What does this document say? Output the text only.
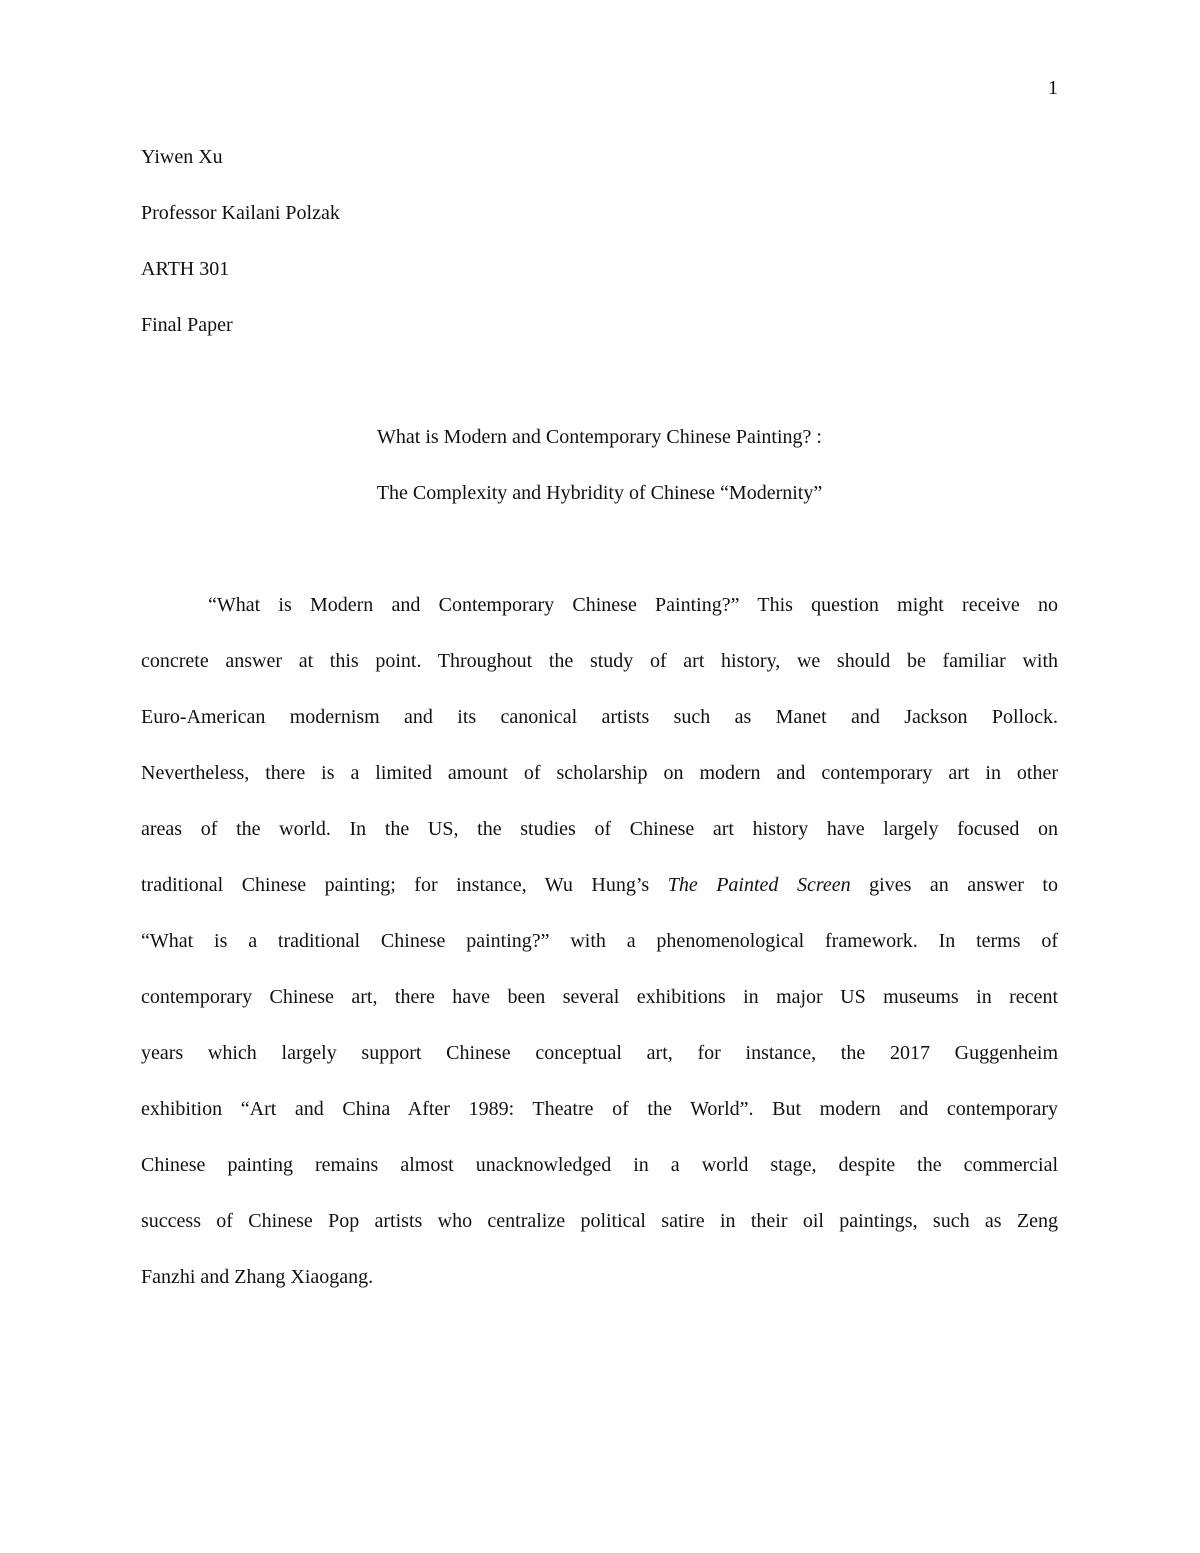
1
Yiwen Xu
Professor Kailani Polzak
ARTH 301
Final Paper
What is Modern and Contemporary Chinese Painting? :
The Complexity and Hybridity of Chinese “Modernity”
“What is Modern and Contemporary Chinese Painting?” This question might receive no
concrete answer at this point. Throughout the study of art history, we should be familiar with
Euro-American modernism and its canonical artists such as Manet and Jackson Pollock.
Nevertheless, there is a limited amount of scholarship on modern and contemporary art in other
areas of the world. In the US, the studies of Chinese art history have largely focused on
traditional Chinese painting; for instance, Wu Hung’s The Painted Screen gives an answer to
“What is a traditional Chinese painting?” with a phenomenological framework. In terms of
contemporary Chinese art, there have been several exhibitions in major US museums in recent
years which largely support Chinese conceptual art, for instance, the 2017 Guggenheim
exhibition “Art and China After 1989: Theatre of the World”. But modern and contemporary
Chinese painting remains almost unacknowledged in a world stage, despite the commercial
success of Chinese Pop artists who centralize political satire in their oil paintings, such as Zeng
Fanzhi and Zhang Xiaogang.
